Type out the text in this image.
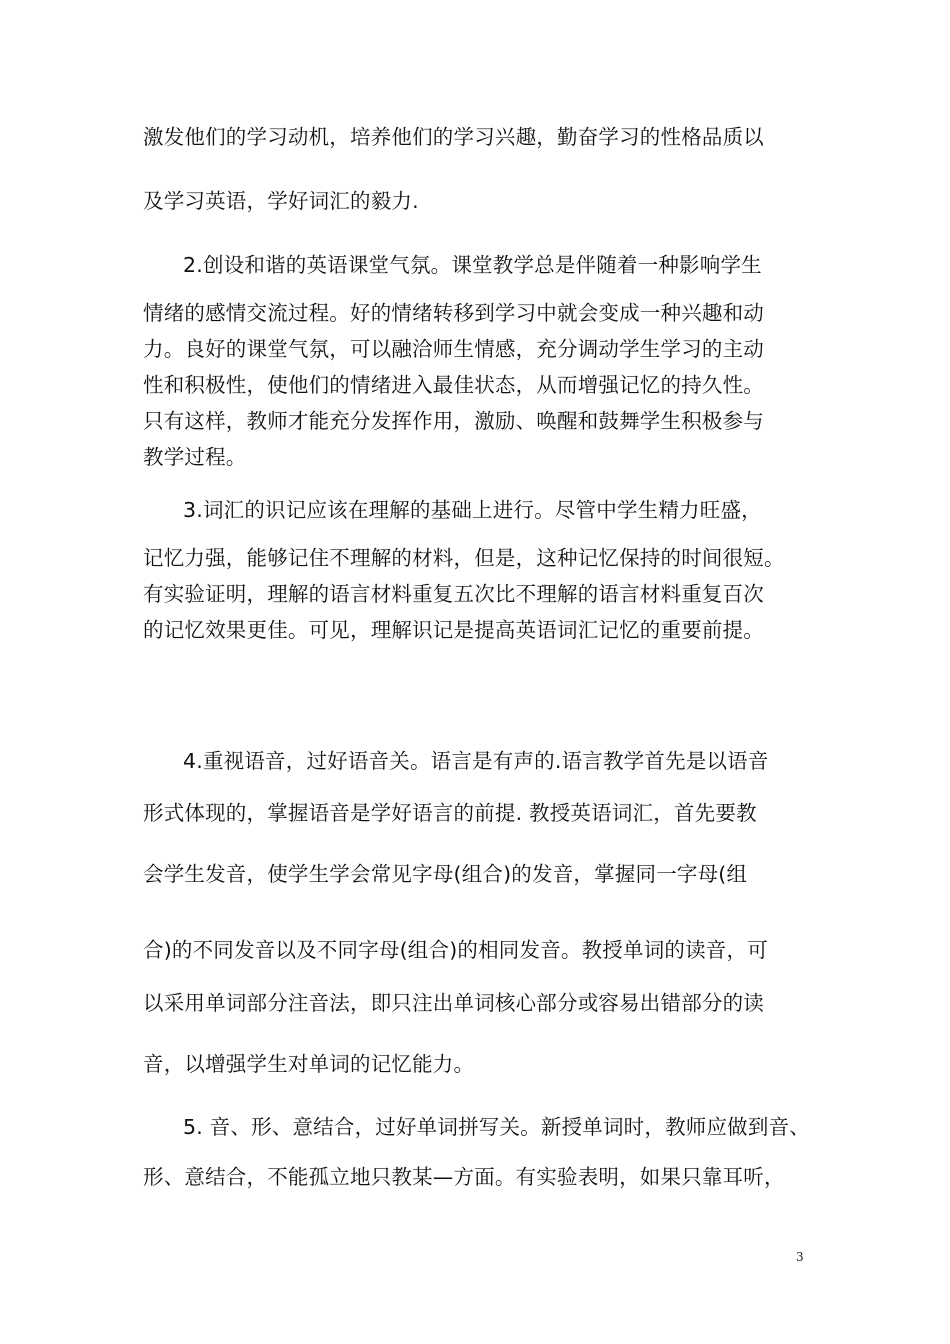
激发他们的学习动机，培养他们的学习兴趣，勤奋学习的性格品质以
及学习英语，学好词汇的毅力.
2.创设和谐的英语课堂气氛。课堂教学总是伴随着一种影响学生
情绪的感情交流过程。好的情绪转移到学习中就会变成一种兴趣和动
力。良好的课堂气氛，可以融洽师生情感，充分调动学生学习的主动
性和积极性，使他们的情绪进入最佳状态，从而增强记忆的持久性。
只有这样，教师才能充分发挥作用，激励、唤醒和鼓舞学生积极参与
教学过程。
3.词汇的识记应该在理解的基础上进行。尽管中学生精力旺盛，
记忆力强，能够记住不理解的材料，但是，这种记忆保持的时间很短。
有实验证明，理解的语言材料重复五次比不理解的语言材料重复百次
的记忆效果更佳。可见，理解识记是提高英语词汇记忆的重要前提。
4.重视语音，过好语音关。语言是有声的.语言教学首先是以语音
形式体现的，掌握语音是学好语言的前提. 教授英语词汇，首先要教
会学生发音，使学生学会常见字母(组合)的发音，掌握同一字母(组
合)的不同发音以及不同字母(组合)的相同发音。教授单词的读音，可
以采用单词部分注音法，即只注出单词核心部分或容易出错部分的读
音，以增强学生对单词的记忆能力。
5. 音、形、意结合，过好单词拼写关。新授单词时，教师应做到音、
形、意结合，不能孤立地只教某—方面。有实验表明，如果只靠耳听，
3
